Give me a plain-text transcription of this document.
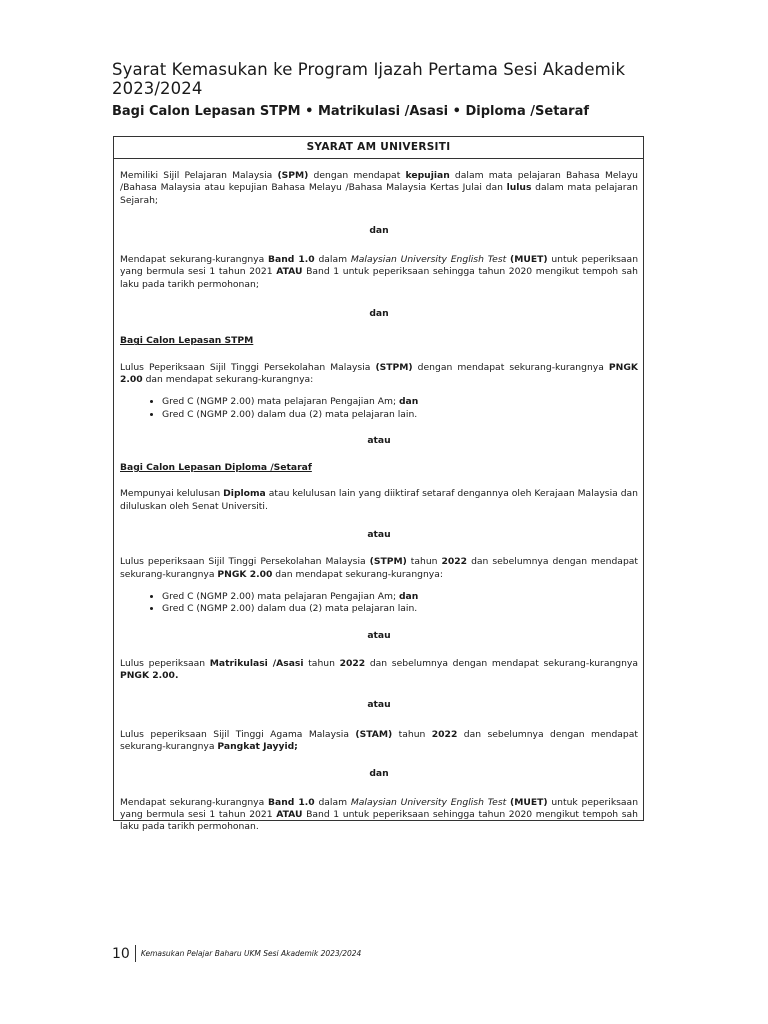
Syarat Kemasukan ke Program Ijazah Pertama Sesi Akademik 2023/2024
Bagi Calon Lepasan STPM • Matrikulasi /Asasi • Diploma /Setaraf
SYARAT AM UNIVERSITI

Memiliki Sijil Pelajaran Malaysia (SPM) dengan mendapat kepujian dalam mata pelajaran Bahasa Melayu /Bahasa Malaysia atau kepujian Bahasa Melayu /Bahasa Malaysia Kertas Julai dan lulus dalam mata pelajaran Sejarah;

dan

Mendapat sekurang-kurangnya Band 1.0 dalam Malaysian University English Test (MUET) untuk peperiksaan yang bermula sesi 1 tahun 2021 ATAU Band 1 untuk peperiksaan sehingga tahun 2020 mengikut tempoh sah laku pada tarikh permohonan;

dan

Bagi Calon Lepasan STPM

Lulus Peperiksaan Sijil Tinggi Persekolahan Malaysia (STPM) dengan mendapat sekurang-kurangnya PNGK 2.00 dan mendapat sekurang-kurangnya:

• Gred C (NGMP 2.00) mata pelajaran Pengajian Am; dan
• Gred C (NGMP 2.00) dalam dua (2) mata pelajaran lain.

atau

Bagi Calon Lepasan Diploma /Setaraf

Mempunyai kelulusan Diploma atau kelulusan lain yang diiktiraf setaraf dengannya oleh Kerajaan Malaysia dan diluluskan oleh Senat Universiti.

atau

Lulus peperiksaan Sijil Tinggi Persekolahan Malaysia (STPM) tahun 2022 dan sebelumnya dengan mendapat sekurang-kurangnya PNGK 2.00 dan mendapat sekurang-kurangnya:

• Gred C (NGMP 2.00) mata pelajaran Pengajian Am; dan
• Gred C (NGMP 2.00) dalam dua (2) mata pelajaran lain.

atau

Lulus peperiksaan Matrikulasi /Asasi tahun 2022 dan sebelumnya dengan mendapat sekurang-kurangnya PNGK 2.00.

atau

Lulus peperiksaan Sijil Tinggi Agama Malaysia (STAM) tahun 2022 dan sebelumnya dengan mendapat sekurang-kurangnya Pangkat Jayyid;

dan

Mendapat sekurang-kurangnya Band 1.0 dalam Malaysian University English Test (MUET) untuk peperiksaan yang bermula sesi 1 tahun 2021 ATAU Band 1 untuk peperiksaan sehingga tahun 2020 mengikut tempoh sah laku pada tarikh permohonan.

10 Kemasukan Pelajar Baharu UKM Sesi Akademik 2023/2024
